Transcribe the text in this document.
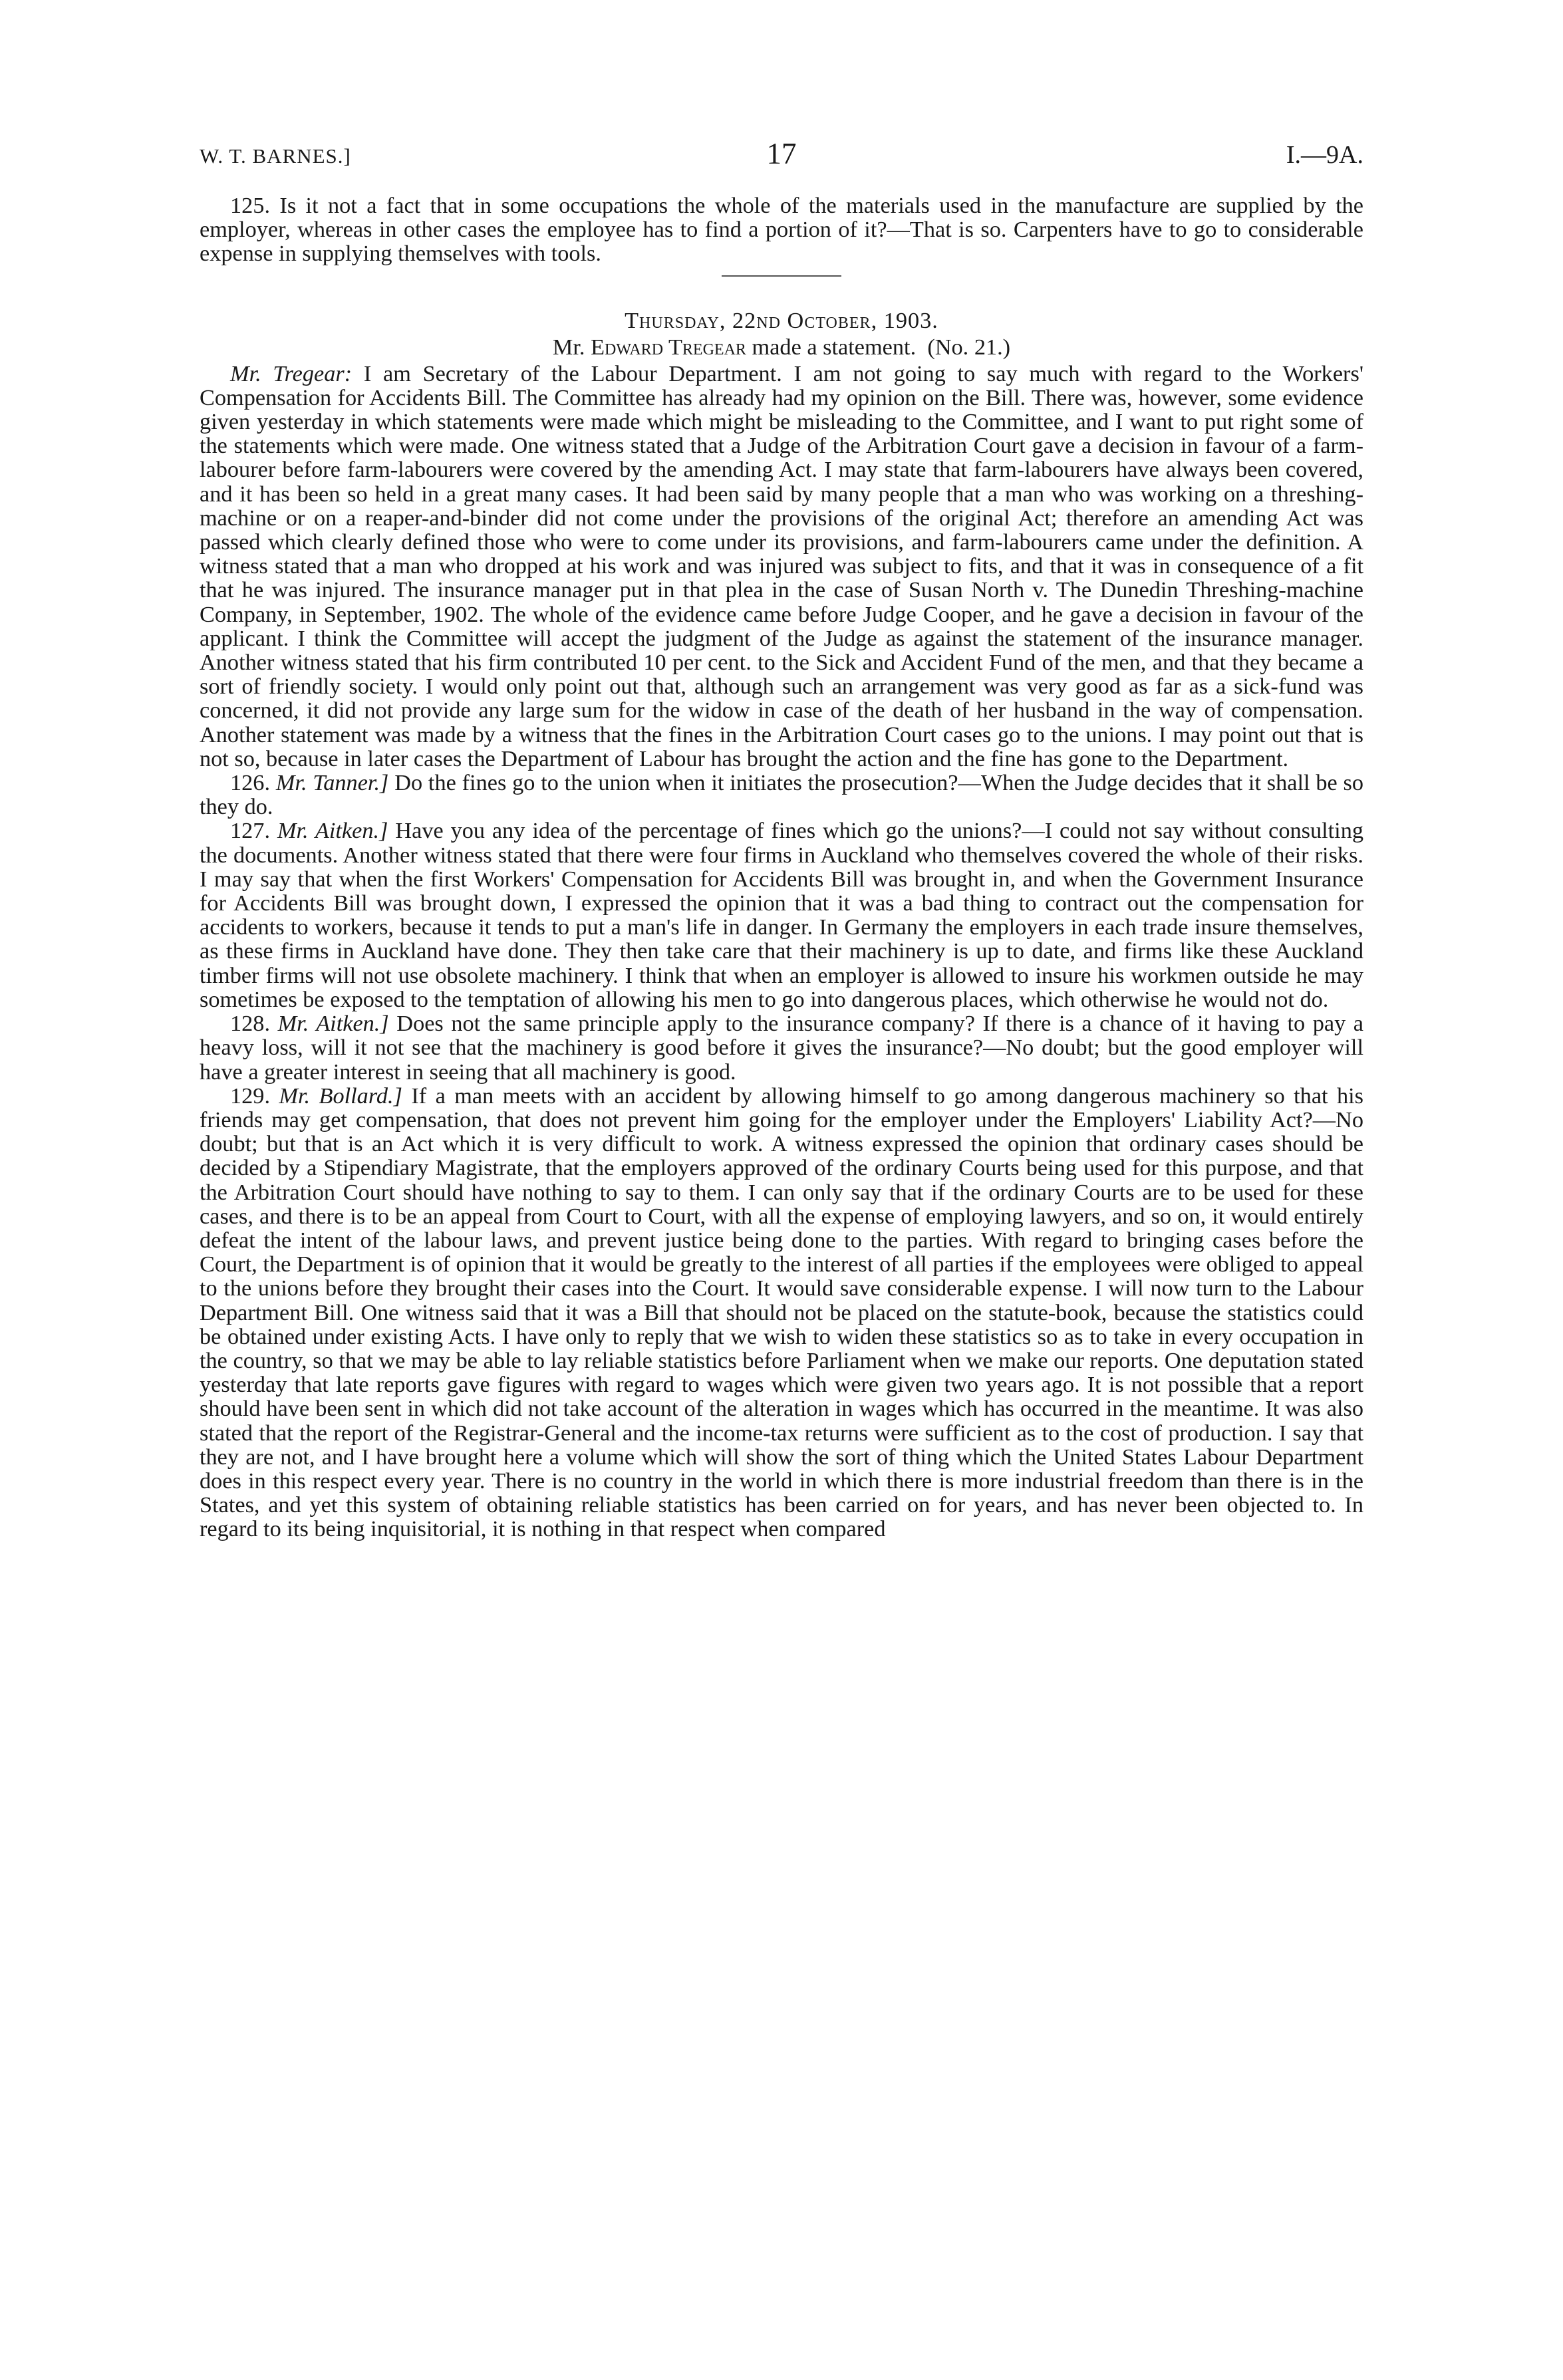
W. T. BARNES.]	17	I.—9A.

125. Is it not a fact that in some occupations the whole of the materials used in the manufacture are supplied by the employer, whereas in other cases the employee has to find a portion of it?—That is so. Carpenters have to go to considerable expense in supplying themselves with tools.

Thursday, 22nd October, 1903.
Mr. Edward Tregear made a statement. (No. 21.)

Mr. Tregear: I am Secretary of the Labour Department. I am not going to say much with regard to the Workers' Compensation for Accidents Bill. The Committee has already had my opinion on the Bill. There was, however, some evidence given yesterday in which statements were made which might be misleading to the Committee, and I want to put right some of the statements which were made. One witness stated that a Judge of the Arbitration Court gave a decision in favour of a farm-labourer before farm-labourers were covered by the amending Act. I may state that farm-labourers have always been covered, and it has been so held in a great many cases. It had been said by many people that a man who was working on a threshing-machine or on a reaper-and-binder did not come under the provisions of the original Act; therefore an amending Act was passed which clearly defined those who were to come under its provisions, and farm-labourers came under the definition. A witness stated that a man who dropped at his work and was injured was subject to fits, and that it was in consequence of a fit that he was injured. The insurance manager put in that plea in the case of Susan North v. The Dunedin Threshing-machine Company, in September, 1902. The whole of the evidence came before Judge Cooper, and he gave a decision in favour of the applicant. I think the Committee will accept the judgment of the Judge as against the statement of the insurance manager. Another witness stated that his firm contributed 10 per cent. to the Sick and Accident Fund of the men, and that they became a sort of friendly society. I would only point out that, although such an arrangement was very good as far as a sick-fund was concerned, it did not provide any large sum for the widow in case of the death of her husband in the way of compensation. Another statement was made by a witness that the fines in the Arbitration Court cases go to the unions. I may point out that is not so, because in later cases the Department of Labour has brought the action and the fine has gone to the Department.

126. Mr. Tanner.] Do the fines go to the union when it initiates the prosecution?—When the Judge decides that it shall be so they do.

127. Mr. Aitken.] Have you any idea of the percentage of fines which go the unions?—I could not say without consulting the documents. Another witness stated that there were four firms in Auckland who themselves covered the whole of their risks. I may say that when the first Workers' Compensation for Accidents Bill was brought in, and when the Government Insurance for Accidents Bill was brought down, I expressed the opinion that it was a bad thing to contract out the compensation for accidents to workers, because it tends to put a man's life in danger. In Germany the employers in each trade insure themselves, as these firms in Auckland have done. They then take care that their machinery is up to date, and firms like these Auckland timber firms will not use obsolete machinery. I think that when an employer is allowed to insure his workmen outside he may sometimes be exposed to the temptation of allowing his men to go into dangerous places, which otherwise he would not do.

128. Mr. Aitken.] Does not the same principle apply to the insurance company? If there is a chance of it having to pay a heavy loss, will it not see that the machinery is good before it gives the insurance?—No doubt; but the good employer will have a greater interest in seeing that all machinery is good.

129. Mr. Bollard.] If a man meets with an accident by allowing himself to go among dangerous machinery so that his friends may get compensation, that does not prevent him going for the employer under the Employers' Liability Act?—No doubt; but that is an Act which it is very difficult to work. A witness expressed the opinion that ordinary cases should be decided by a Stipendiary Magistrate, that the employers approved of the ordinary Courts being used for this purpose, and that the Arbitration Court should have nothing to say to them. I can only say that if the ordinary Courts are to be used for these cases, and there is to be an appeal from Court to Court, with all the expense of employing lawyers, and so on, it would entirely defeat the intent of the labour laws, and prevent justice being done to the parties. With regard to bringing cases before the Court, the Department is of opinion that it would be greatly to the interest of all parties if the employees were obliged to appeal to the unions before they brought their cases into the Court. It would save considerable expense. I will now turn to the Labour Department Bill. One witness said that it was a Bill that should not be placed on the statute-book, because the statistics could be obtained under existing Acts. I have only to reply that we wish to widen these statistics so as to take in every occupation in the country, so that we may be able to lay reliable statistics before Parliament when we make our reports. One deputation stated yesterday that late reports gave figures with regard to wages which were given two years ago. It is not possible that a report should have been sent in which did not take account of the alteration in wages which has occurred in the meantime. It was also stated that the report of the Registrar-General and the income-tax returns were sufficient as to the cost of production. I say that they are not, and I have brought here a volume which will show the sort of thing which the United States Labour Department does in this respect every year. There is no country in the world in which there is more industrial freedom than there is in the States, and yet this system of obtaining reliable statistics has been carried on for years, and has never been objected to. In regard to its being inquisitorial, it is nothing in that respect when compared
